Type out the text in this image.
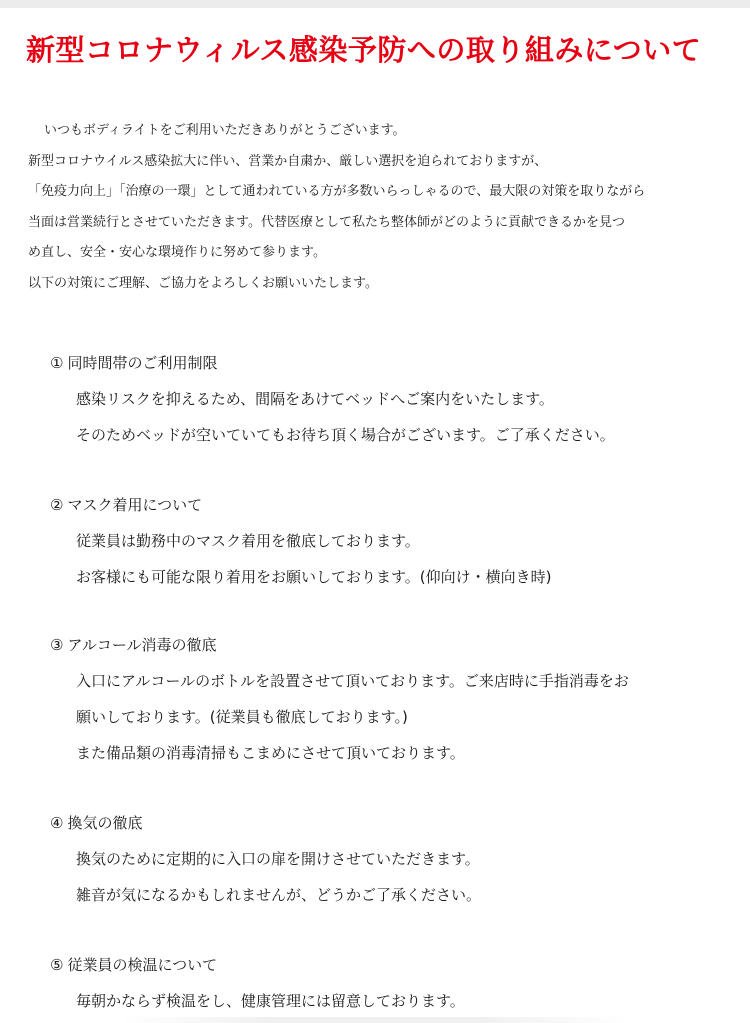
新型コロナウィルス感染予防への取り組みについて

いつもボディライトをご利用いただきありがとうございます。

新型コロナウイルス感染拡大に伴い、営業か自粛か、厳しい選択を迫られておりますが、

「免疫力向上」「治療の一環」として通われている方が多数いらっしゃるので、最大限の対策を取りながら

当面は営業続行とさせていただきます。代替医療として私たち整体師がどのように貢献できるかを見つ

め直し、安全・安心な環境作りに努めて参ります。

以下の対策にご理解、ご協力をよろしくお願いいたします。

① 同時間帯のご利用制限

感染リスクを抑えるため、間隔をあけてベッドへご案内をいたします。

そのためベッドが空いていてもお待ち頂く場合がございます。ご了承ください。

② マスク着用について

従業員は勤務中のマスク着用を徹底しております。

お客様にも可能な限り着用をお願いしております。(仰向け・横向き時)

③ アルコール消毒の徹底

入口にアルコールのボトルを設置させて頂いております。ご来店時に手指消毒をお

願いしております。(従業員も徹底しております。)

また備品類の消毒清掃もこまめにさせて頂いております。

④ 換気の徹底

換気のために定期的に入口の扉を開けさせていただきます。

雑音が気になるかもしれませんが、どうかご了承ください。

⑤ 従業員の検温について

毎朝かならず検温をし、健康管理には留意しております。
